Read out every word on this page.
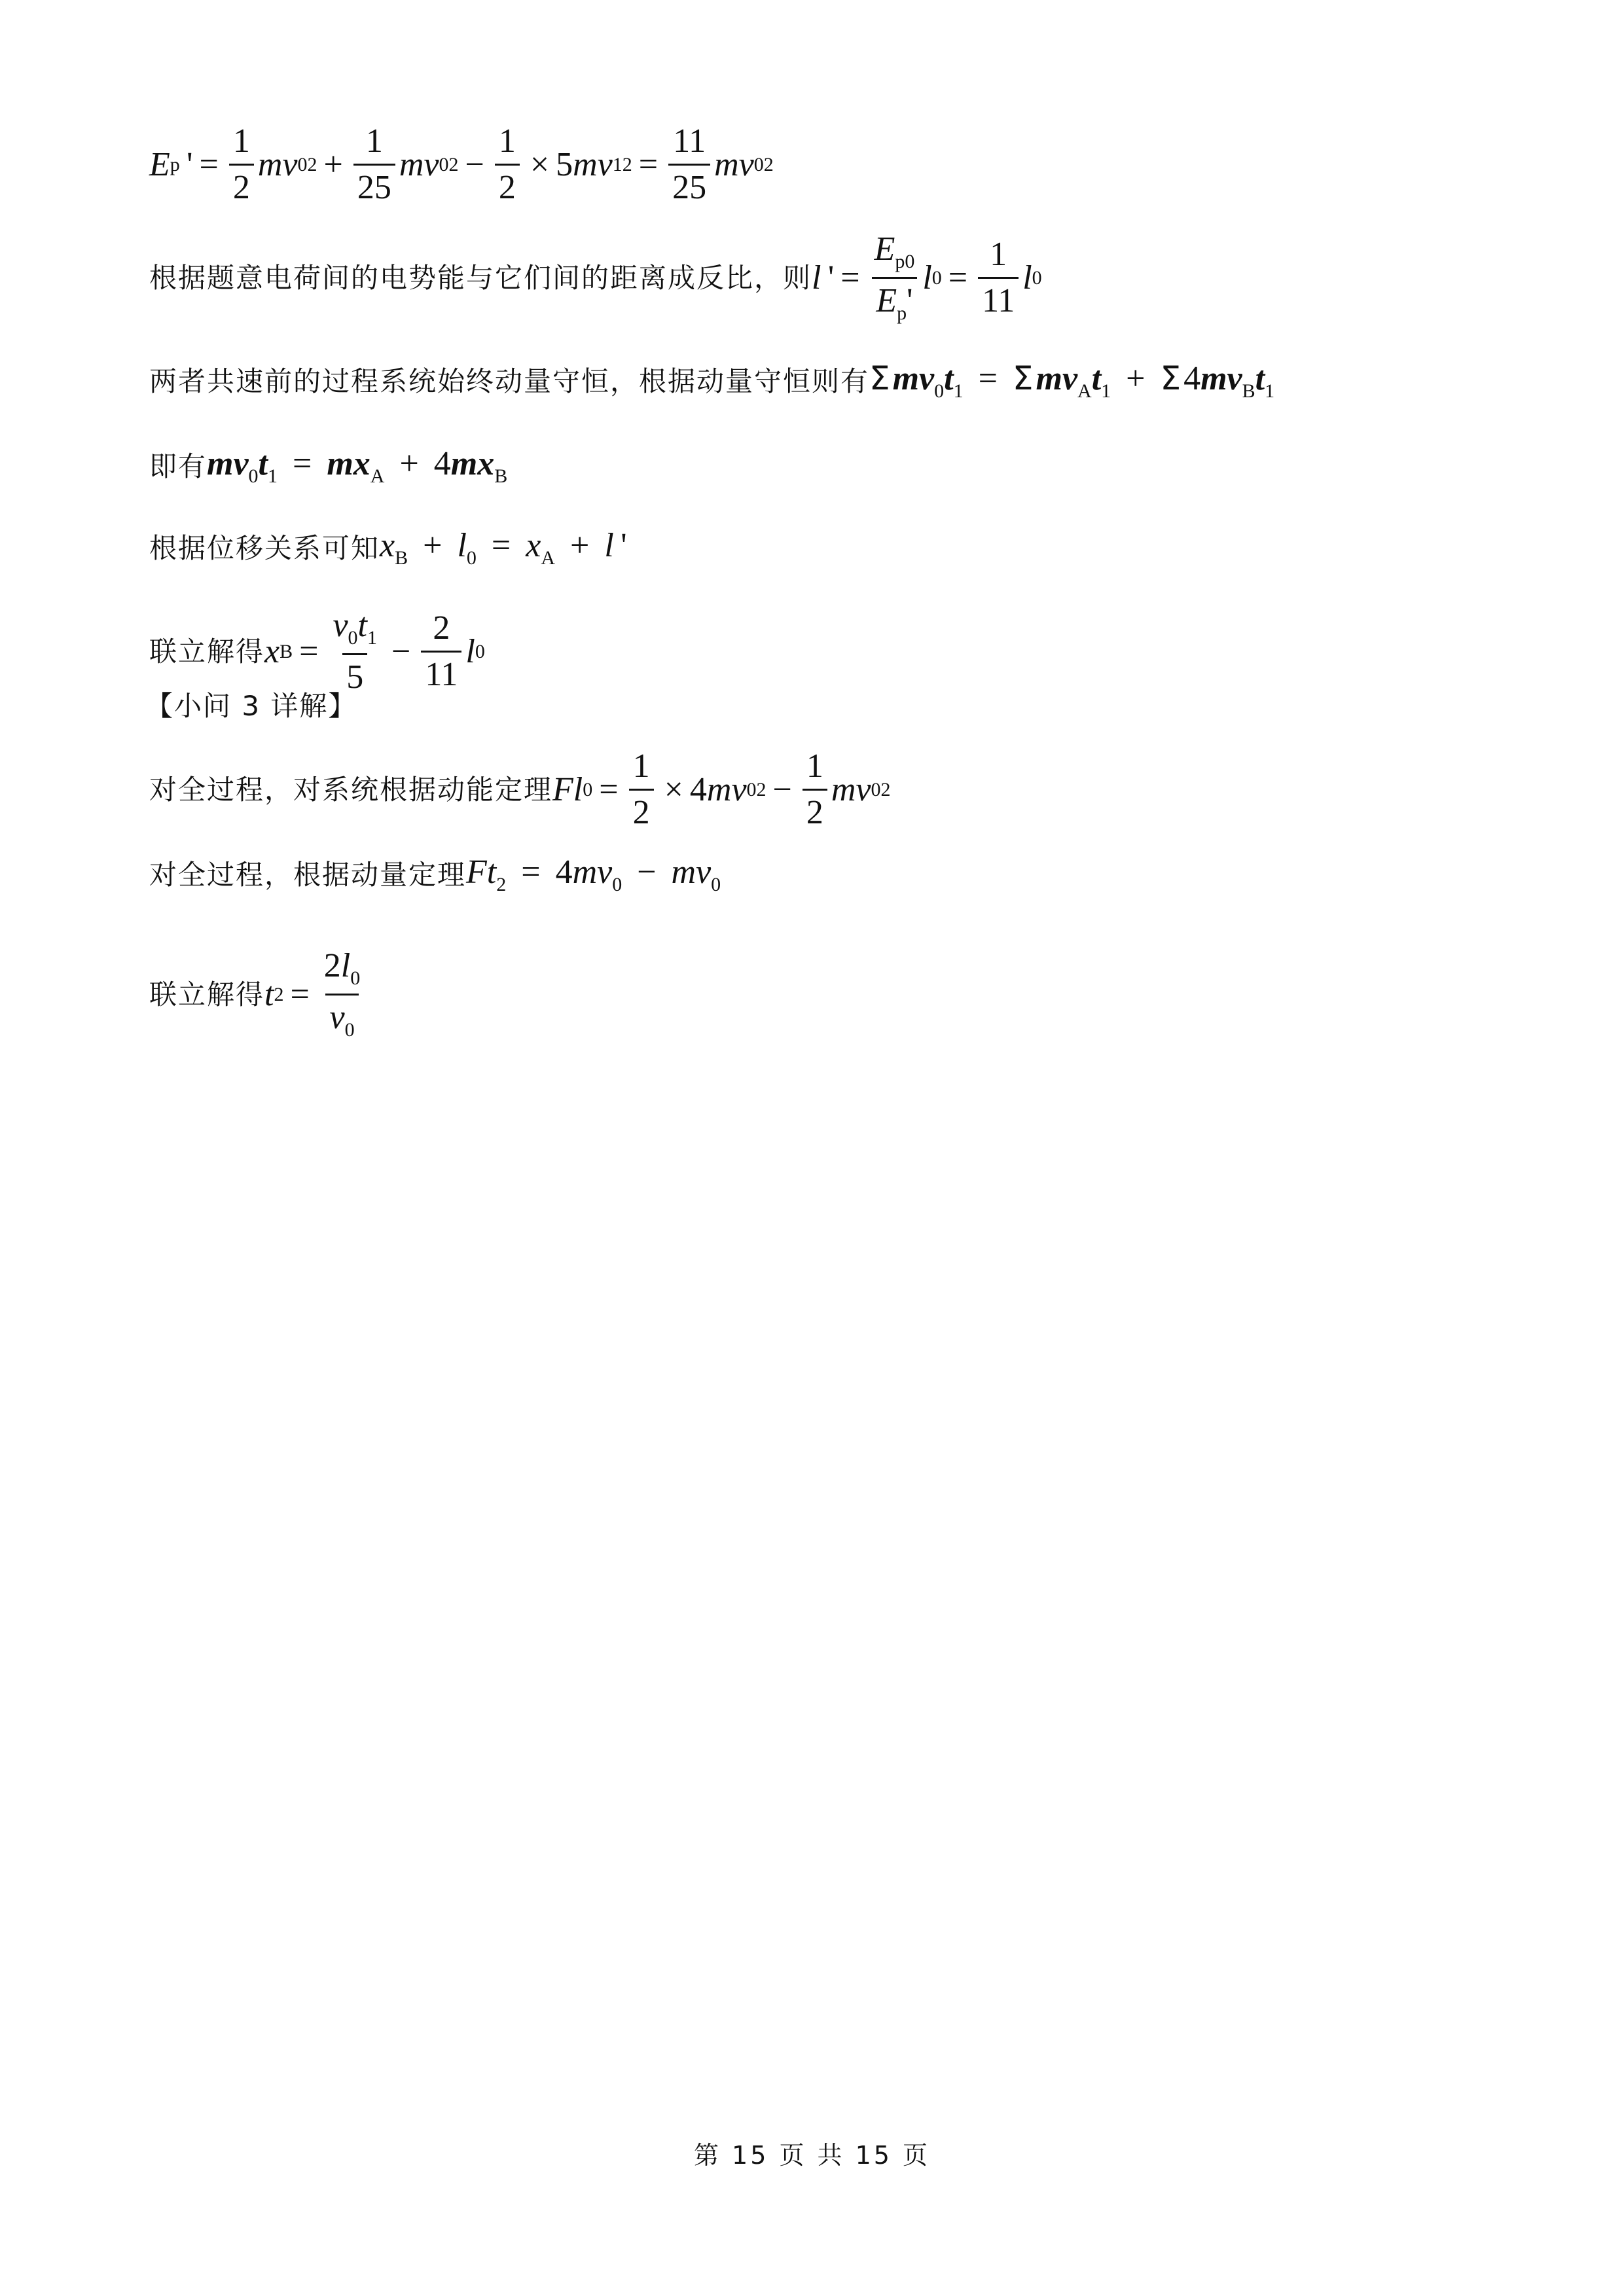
E p  ' = $\frac{1}{2}$ mv 0 $2 + \frac{1}{25}$ mv 0 $2 - \frac{1}{2} \times 5$ mv 1 $2 = \frac{11}{25}$ mv 0 2
根据题意电荷间的电势能与它们间的距离成反比，则 l  ' = $\frac{E_{p0}}{E_p'}$ l $0 = \frac{1}{11}$ l 0
两者共速前的过程系统始终动量守恒，根据动量守恒则有 $\Sigma mv_0t_1 = \Sigma mv_At_1 + \Sigma 4mv_Bt_1$
即有 $mv_0t_1 = mx_A + 4mx_B$
根据位移关系可知 $x_B + l_0 = x_A + l$ '
联立解得 x $B = \frac{v_0t_1}{5} - \frac{2}{11}$ l 0
【小问 3 详解】
对全过程，对系统根据动能定理 Fl $0 = \frac{1}{2} \times 4$ mv 0 $2 - \frac{1}{2}$ mv 0 2
对全过程，根据动量定理 $Ft_2 = 4mv_0 - mv_0$
联立解得 t $2 = \frac{2l_0}{v_0}$
第 15 页 共 15 页
